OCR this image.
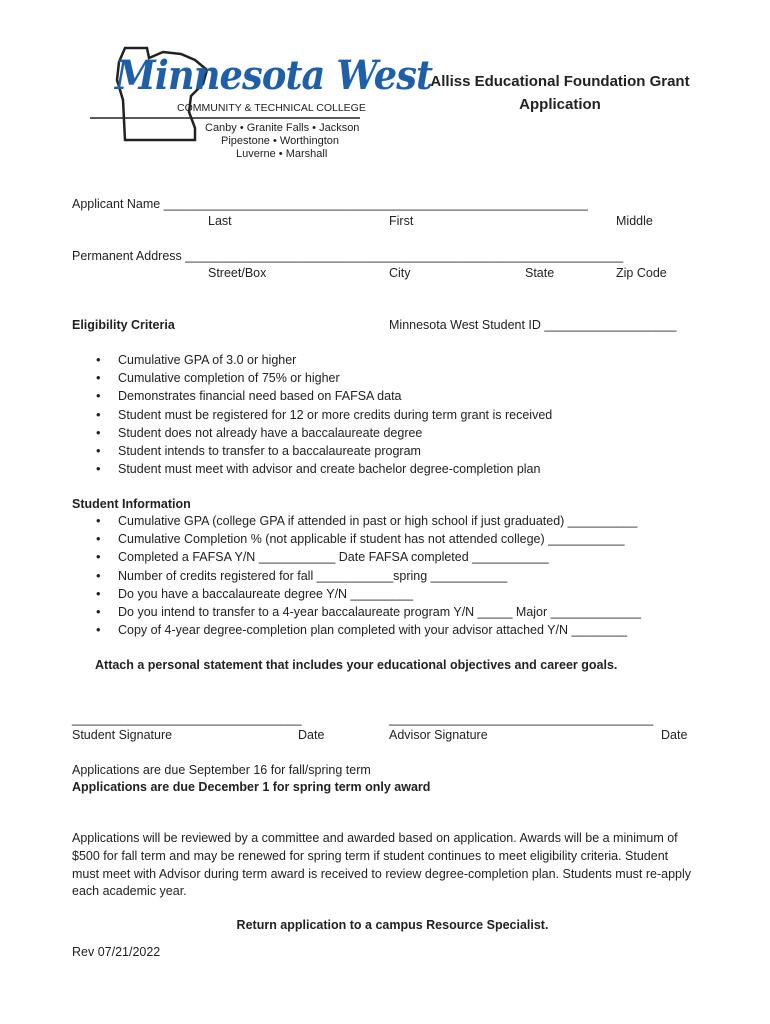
Minnesota West
COMMUNITY & TECHNICAL COLLEGE
Canby • Granite Falls • Jackson
Pipestone • Worthington
Luverne • Marshall
Alliss Educational Foundation Grant
Application
Applicant Name _____________________________________________________________
Last	First	Middle
Permanent Address _______________________________________________________________
Street/Box	City	State	Zip Code
Eligibility Criteria	Minnesota West Student ID ___________________
• Cumulative GPA of 3.0 or higher
• Cumulative completion of 75% or higher
• Demonstrates financial need based on FAFSA data
• Student must be registered for 12 or more credits during term grant is received
• Student does not already have a baccalaureate degree
• Student intends to transfer to a baccalaureate program
• Student must meet with advisor and create bachelor degree-completion plan
Student Information
• Cumulative GPA (college GPA if attended in past or high school if just graduated) __________
• Cumulative Completion % (not applicable if student has not attended college) ___________
• Completed a FAFSA Y/N ___________ Date FAFSA completed ___________
• Number of credits registered for fall ___________spring ___________
• Do you have a baccalaureate degree Y/N _________
• Do you intend to transfer to a 4-year baccalaureate program Y/N _____ Major _____________
• Copy of 4-year degree-completion plan completed with your advisor attached Y/N ________
Attach a personal statement that includes your educational objectives and career goals.
_________________________________	______________________________________
Student Signature	Date	Advisor Signature	Date
Applications are due September 16 for fall/spring term
Applications are due December 1 for spring term only award
Applications will be reviewed by a committee and awarded based on application. Awards will be a minimum of
$500 for fall term and may be renewed for spring term if student continues to meet eligibility criteria. Student
must meet with Advisor during term award is received to review degree-completion plan. Students must re-apply
each academic year.
Return application to a campus Resource Specialist.
Rev 07/21/2022
